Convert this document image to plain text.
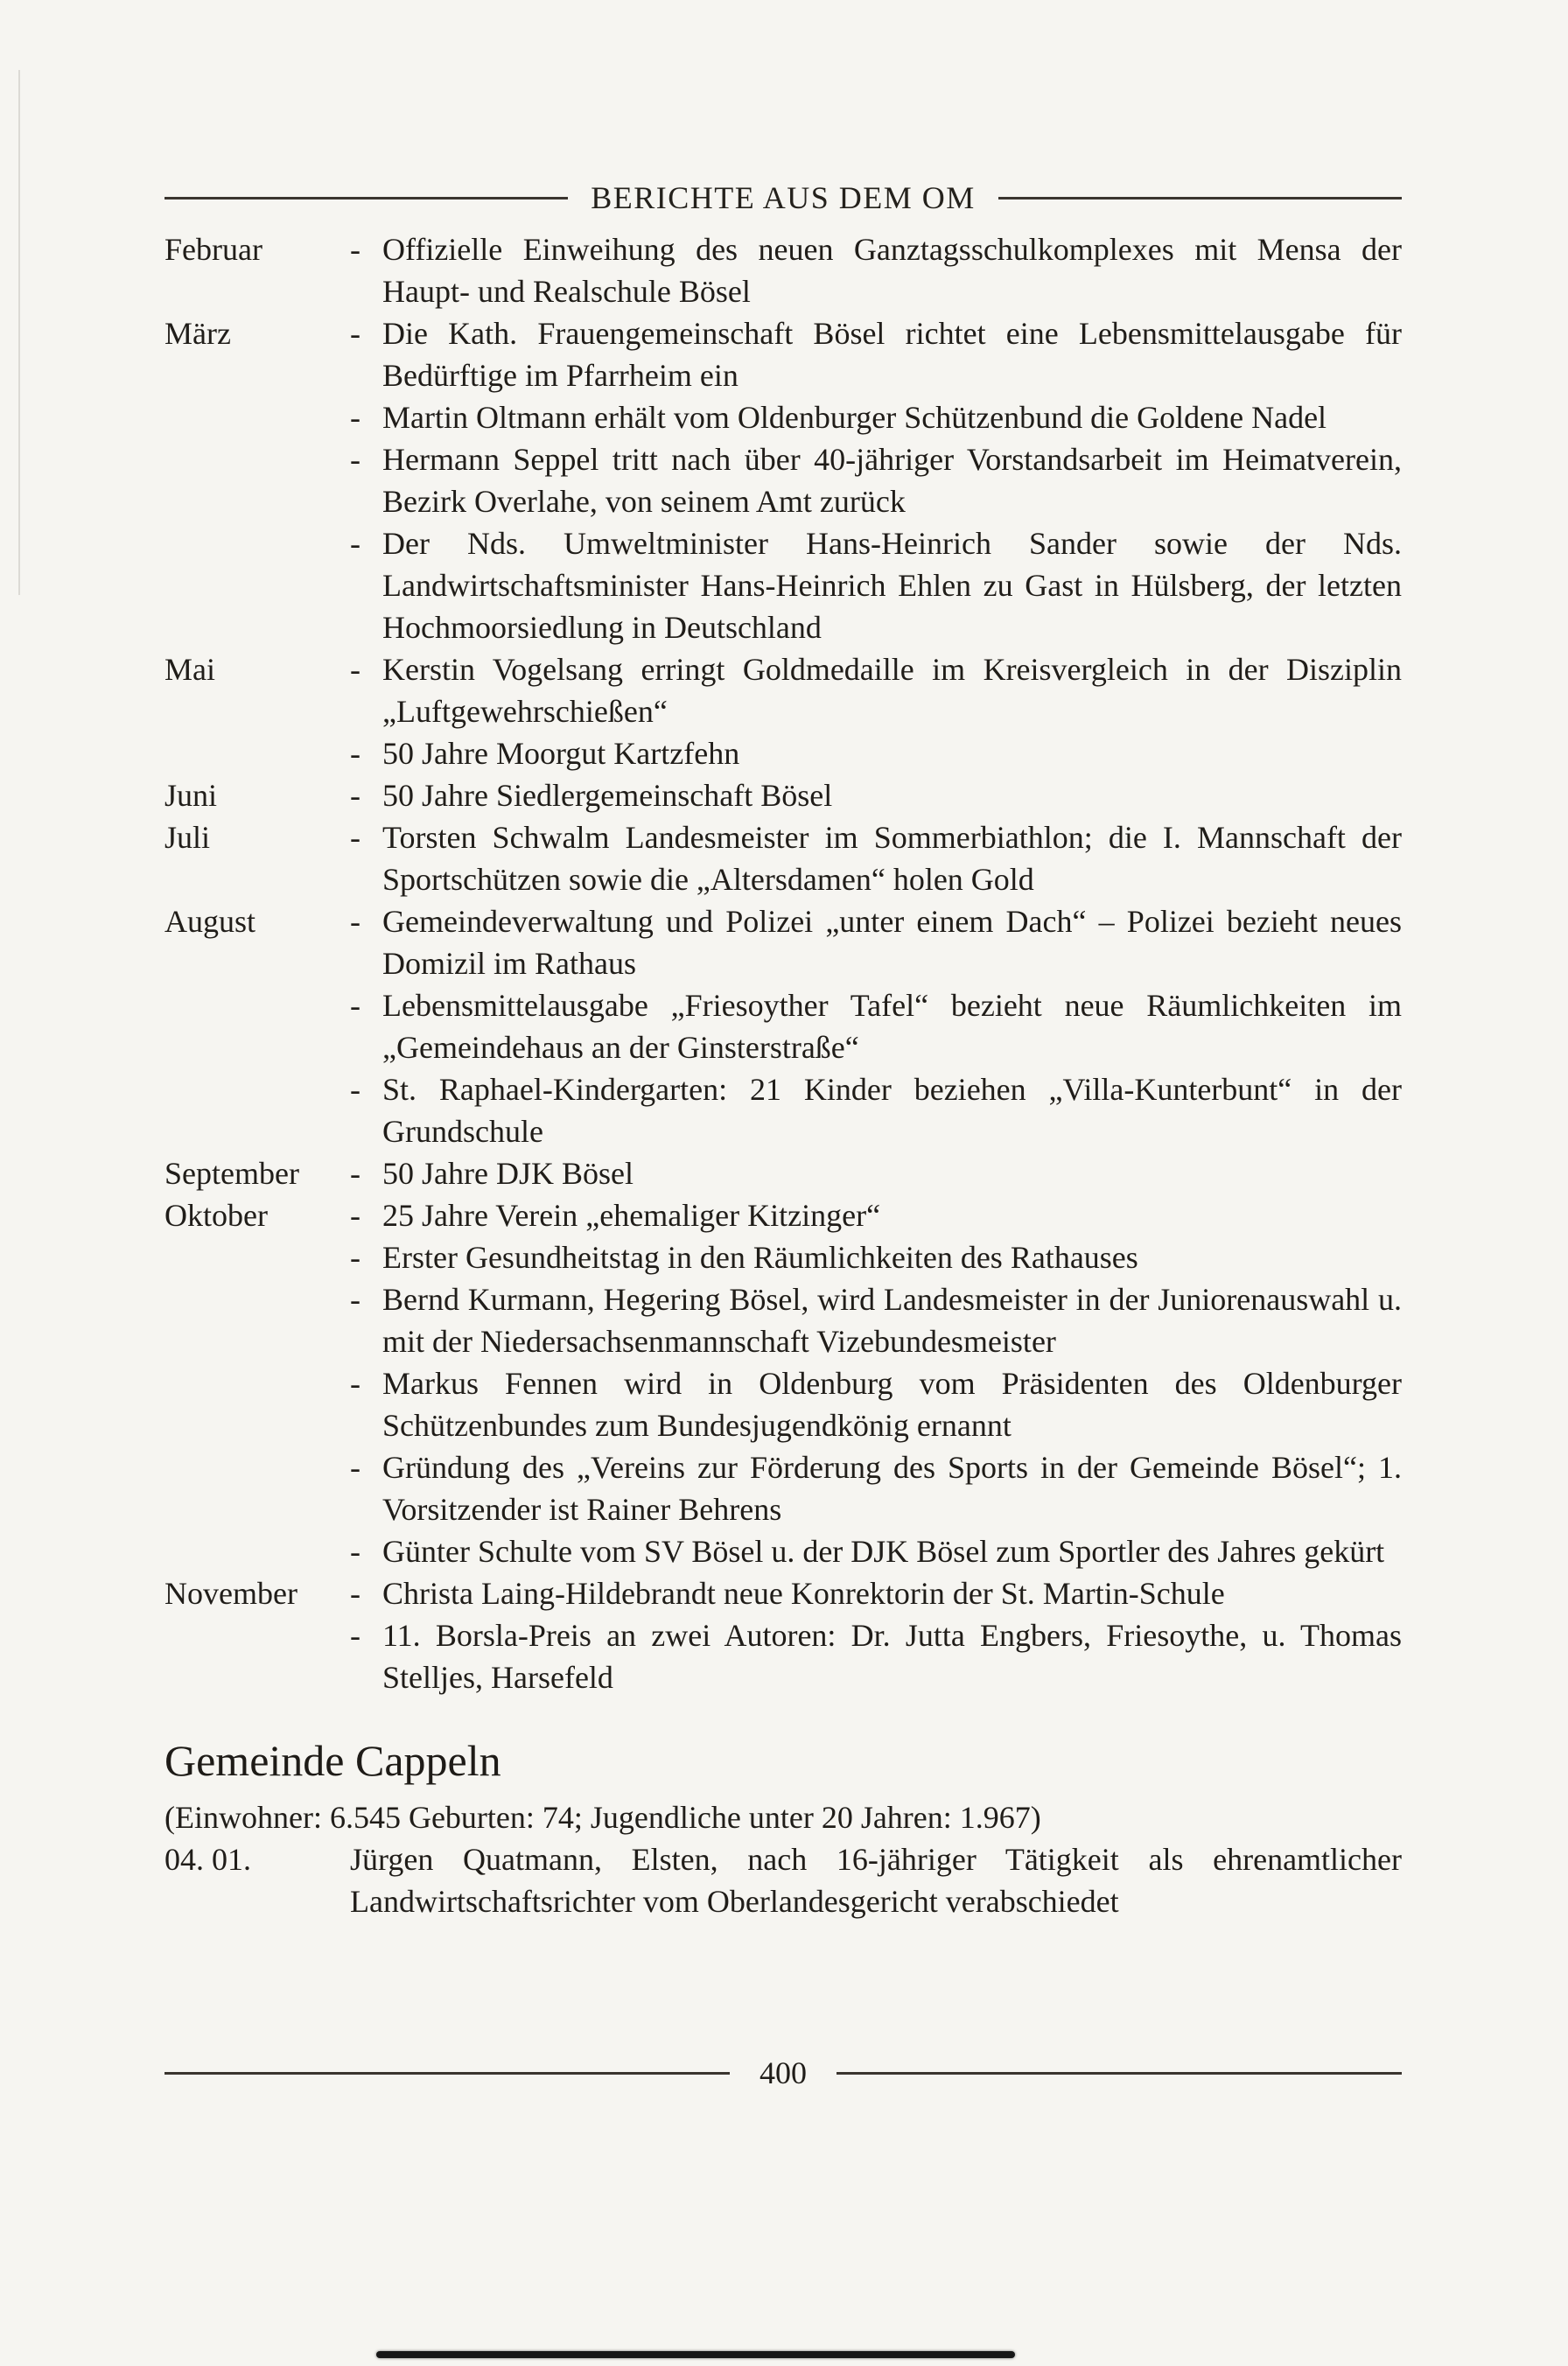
BERICHTE AUS DEM OM
Februar	- Offizielle Einweihung des neuen Ganztagsschulkomplexes mit Mensa der Haupt- und Realschule Bösel
März	- Die Kath. Frauengemeinschaft Bösel richtet eine Lebensmittelausgabe für Bedürftige im Pfarrheim ein
- Martin Oltmann erhält vom Oldenburger Schützenbund die Goldene Nadel
- Hermann Seppel tritt nach über 40-jähriger Vorstandsarbeit im Heimatverein, Bezirk Overlahe, von seinem Amt zurück
- Der Nds. Umweltminister Hans-Heinrich Sander sowie der Nds. Landwirtschaftsminister Hans-Heinrich Ehlen zu Gast in Hülsberg, der letzten Hochmoorsiedlung in Deutschland
Mai	- Kerstin Vogelsang erringt Goldmedaille im Kreisvergleich in der Disziplin „Luftgewehrschießen“
- 50 Jahre Moorgut Kartzfehn
Juni	- 50 Jahre Siedlergemeinschaft Bösel
Juli	- Torsten Schwalm Landesmeister im Sommerbiathlon; die I. Mannschaft der Sportschützen sowie die „Altersdamen“ holen Gold
August	- Gemeindeverwaltung und Polizei „unter einem Dach“ – Polizei bezieht neues Domizil im Rathaus
- Lebensmittelausgabe „Friesoyther Tafel“ bezieht neue Räumlichkeiten im „Gemeindehaus an der Ginsterstraße“
- St. Raphael-Kindergarten: 21 Kinder beziehen „Villa-Kunterbunt“ in der Grundschule
September	- 50 Jahre DJK Bösel
Oktober	- 25 Jahre Verein „ehemaliger Kitzinger“
- Erster Gesundheitstag in den Räumlichkeiten des Rathauses
- Bernd Kurmann, Hegering Bösel, wird Landesmeister in der Juniorenauswahl u. mit der Niedersachsenmannschaft Vizebundesmeister
- Markus Fennen wird in Oldenburg vom Präsidenten des Oldenburger Schützenbundes zum Bundesjugendkönig ernannt
- Gründung des „Vereins zur Förderung des Sports in der Gemeinde Bösel“; 1. Vorsitzender ist Rainer Behrens
- Günter Schulte vom SV Bösel u. der DJK Bösel zum Sportler des Jahres gekürt
November	- Christa Laing-Hildebrandt neue Konrektorin der St. Martin-Schule
- 11. Borsla-Preis an zwei Autoren: Dr. Jutta Engbers, Friesoythe, u. Thomas Stelljes, Harsefeld
Gemeinde Cappeln

(Einwohner: 6.545 Geburten: 74; Jugendliche unter 20 Jahren: 1.967)

04. 01.	Jürgen Quatmann, Elsten, nach 16-jähriger Tätigkeit als ehrenamtlicher Landwirtschaftsrichter vom Oberlandesgericht verabschiedet
400
